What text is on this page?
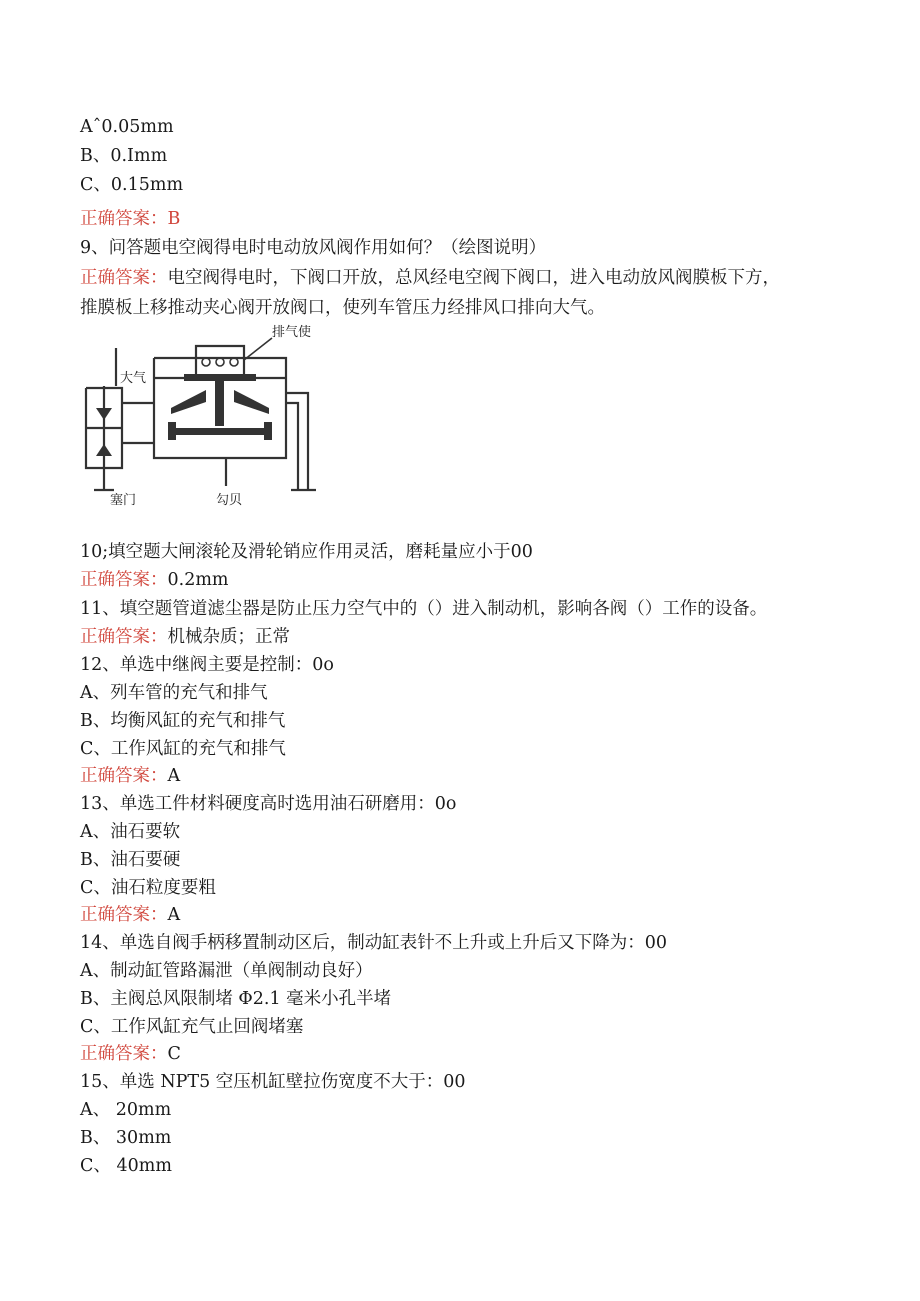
Aˆ0.05mm
B、0.Imm
C、0.15mm
正确答案：B
9、问答题电空阀得电时电动放风阀作用如何？（绘图说明）
正确答案：电空阀得电时，下阀口开放，总风经电空阀下阀口，进入电动放风阀膜板下方，
推膜板上移推动夹心阀开放阀口，使列车管压力经排风口排向大气。
排气使
大气
塞门	勾贝
10;填空题大闸滚轮及滑轮销应作用灵活，磨耗量应小于00
正确答案：0.2mm
11、填空题管道滤尘器是防止压力空气中的（）进入制动机，影响各阀（）工作的设备。
正确答案：机械杂质；正常
12、单选中继阀主要是控制：0o
A、列车管的充气和排气
B、均衡风缸的充气和排气
C、工作风缸的充气和排气
正确答案：A
13、单选工件材料硬度高时选用油石研磨用：0o
A、油石要软
B、油石要硬
C、油石粒度要粗
正确答案：A
14、单选自阀手柄移置制动区后，制动缸表针不上升或上升后又下降为：00
A、制动缸管路漏泄（单阀制动良好）
B、主阀总风限制堵 Φ2.1 毫米小孔半堵
C、工作风缸充气止回阀堵塞
正确答案：C
15、单选 NPT5 空压机缸壁拉伤宽度不大于：00
A、 20mm
B、 30mm
C、 40mm
